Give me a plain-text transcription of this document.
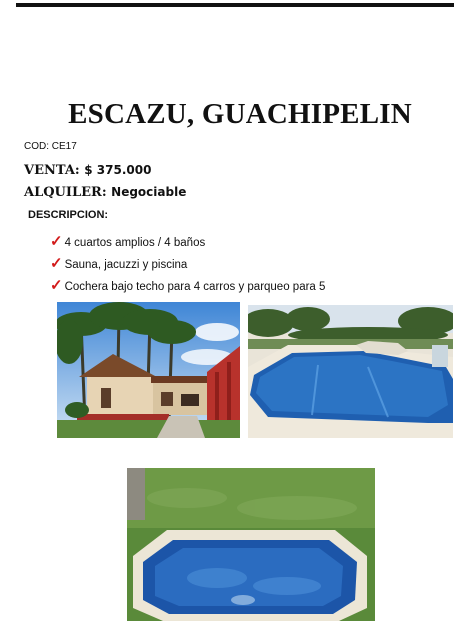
ESCAZU, GUACHIPELIN
COD: CE17
VENTA: $ 375.000
ALQUILER: Negociable
DESCRIPCION:
✓ 4 cuartos amplios / 4 baños
✓ Sauna, jacuzzi y piscina
✓ Cochera bajo techo para 4 carros y parqueo para 5
